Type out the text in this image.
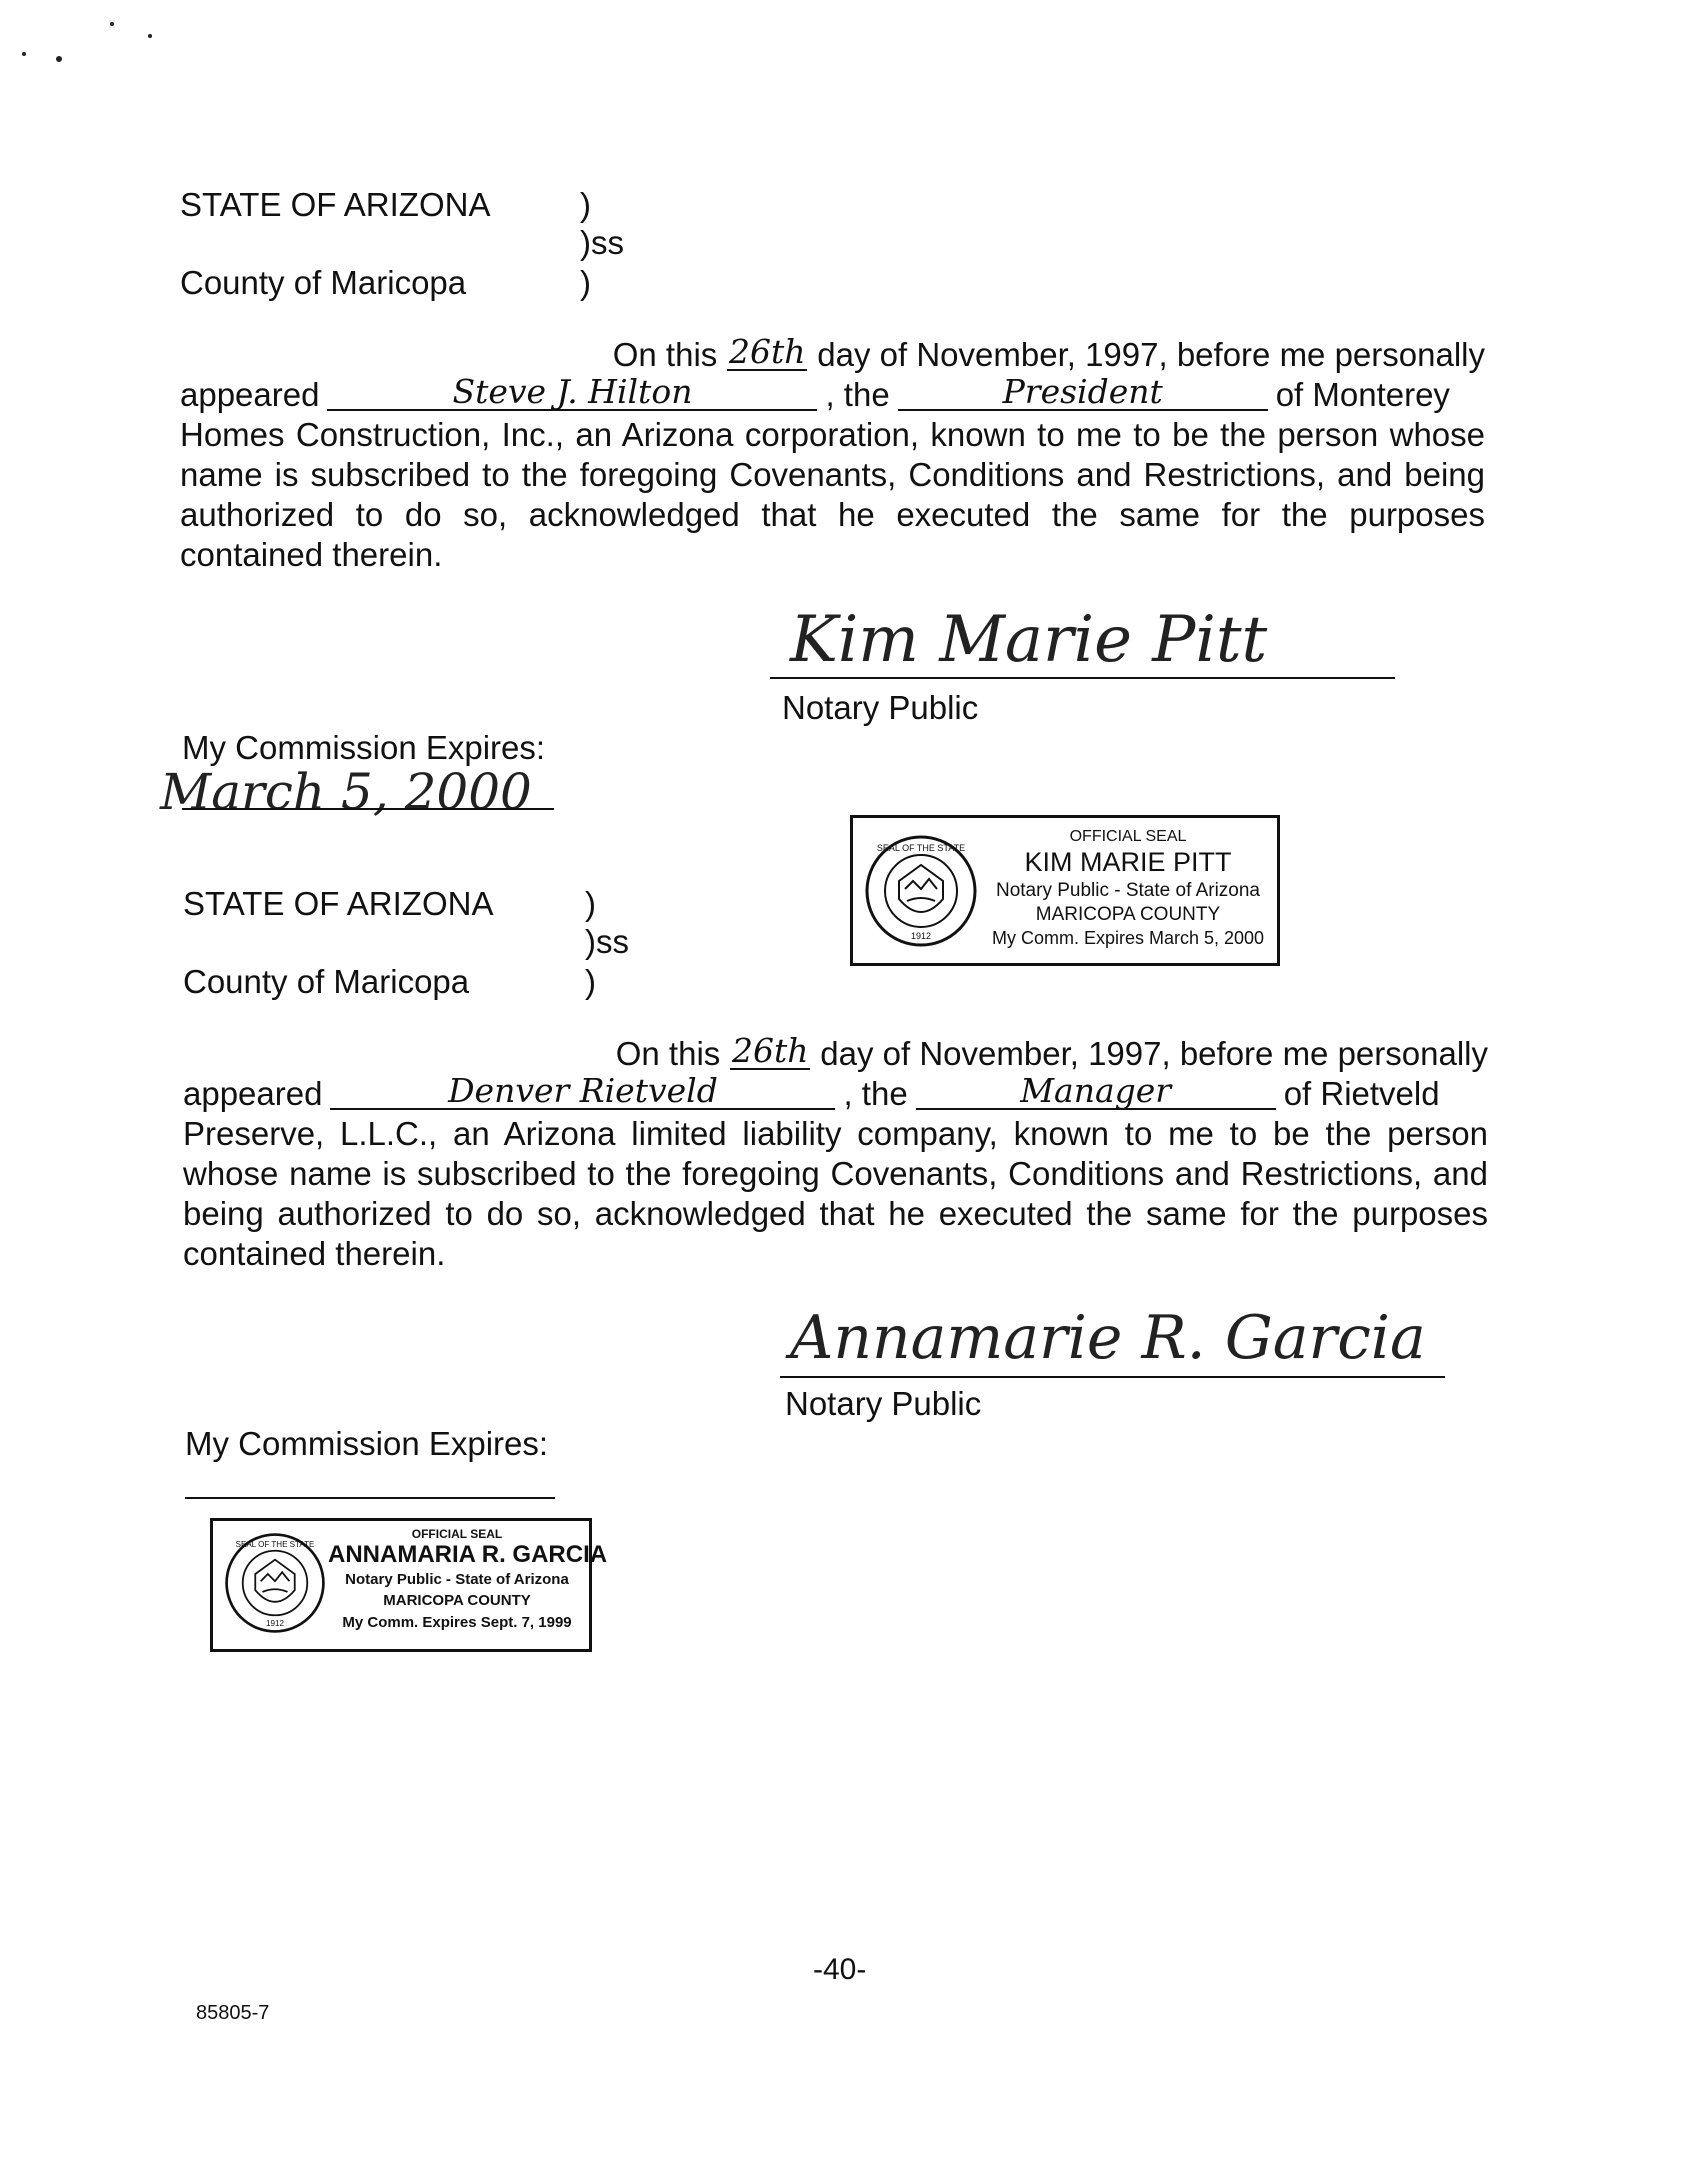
STATE OF ARIZONA	)
)ss
County of Maricopa	)
On this 26th day of November, 1997, before me personally
appeared	Steve J. Hilton	, the	President	of Monterey
Homes Construction, Inc., an Arizona corporation, known to me to be the person whose name is subscribed to the foregoing Covenants, Conditions and Restrictions, and being authorized to do so, acknowledged that he executed the same for the purposes contained therein.
Kim Marie Pitt
Notary Public
My Commission Expires:
March 5, 2000
SEAL OF THE STATE
1912
OFFICIAL SEAL
KIM MARIE PITT
Notary Public - State of Arizona
MARICOPA COUNTY
My Comm. Expires March 5, 2000
STATE OF ARIZONA	)
)ss
County of Maricopa	)
On this 26th day of November, 1997, before me personally
appeared	Denver Rietveld	, the	Manager	of Rietveld
Preserve, L.L.C., an Arizona limited liability company, known to me to be the person whose name is subscribed to the foregoing Covenants, Conditions and Restrictions, and being authorized to do so, acknowledged that he executed the same for the purposes contained therein.
Annamarie R. Garcia
Notary Public
My Commission Expires:
SEAL OF THE STATE
1912
OFFICIAL SEAL
ANNAMARIA R. GARCIA
Notary Public - State of Arizona
MARICOPA COUNTY
My Comm. Expires Sept. 7, 1999
-40-
85805-7
